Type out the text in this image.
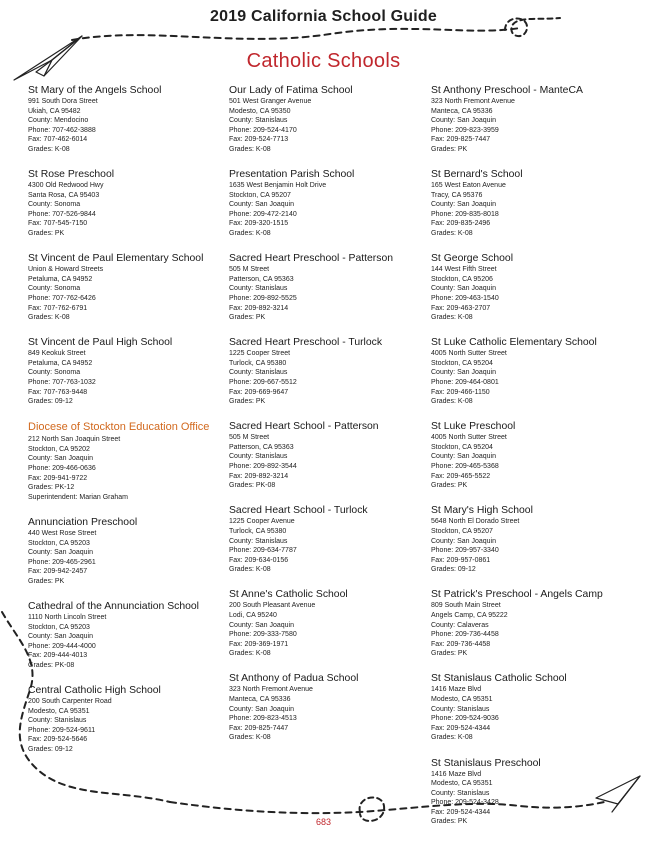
2019 California School Guide
Catholic Schools
St Mary of the Angels School
991 South Dora Street
Ukiah, CA 95482
County: Mendocino
Phone: 707-462-3888
Fax: 707-462-6014
Grades: K-08
St Rose Preschool
4300 Old Redwood Hwy
Santa Rosa, CA 95403
County: Sonoma
Phone: 707-526-9844
Fax: 707-545-7150
Grades: PK
St Vincent de Paul Elementary School
Union & Howard Streets
Petaluma, CA 94952
County: Sonoma
Phone: 707-762-6426
Fax: 707-762-6791
Grades: K-08
St Vincent de Paul High School
849 Keokuk Street
Petaluma, CA 94952
County: Sonoma
Phone: 707-763-1032
Fax: 707-763-9448
Grades: 09-12
Diocese of Stockton Education Office
212 North San Joaquin Street
Stockton, CA 95202
County: San Joaquin
Phone: 209-466-0636
Fax: 209-941-9722
Grades: PK-12
Superintendent: Marian Graham
Annunciation Preschool
440 West Rose Street
Stockton, CA 95203
County: San Joaquin
Phone: 209-465-2961
Fax: 209-942-2457
Grades: PK
Cathedral of the Annunciation School
1110 North Lincoln Street
Stockton, CA 95203
County: San Joaquin
Phone: 209-444-4000
Fax: 209-444-4013
Grades: PK-08
Central Catholic High School
200 South Carpenter Road
Modesto, CA 95351
County: Stanislaus
Phone: 209-524-9611
Fax: 209-524-5646
Grades: 09-12
Our Lady of Fatima School
501 West Granger Avenue
Modesto, CA 95350
County: Stanislaus
Phone: 209-524-4170
Fax: 209-524-7713
Grades: K-08
Presentation Parish School
1635 West Benjamin Holt Drive
Stockton, CA 95207
County: San Joaquin
Phone: 209-472-2140
Fax: 209-320-1515
Grades: K-08
Sacred Heart Preschool - Patterson
505 M Street
Patterson, CA 95363
County: Stanislaus
Phone: 209-892-5525
Fax: 209-892-3214
Grades: PK
Sacred Heart Preschool - Turlock
1225 Cooper Street
Turlock, CA 95380
County: Stanislaus
Phone: 209-667-5512
Fax: 209-669-9647
Grades: PK
Sacred Heart School - Patterson
505 M Street
Patterson, CA 95363
County: Stanislaus
Phone: 209-892-3544
Fax: 209-892-3214
Grades: PK-08
Sacred Heart School - Turlock
1225 Cooper Avenue
Turlock, CA 95380
County: Stanislaus
Phone: 209-634-7787
Fax: 209-634-0156
Grades: K-08
St Anne's Catholic School
200 South Pleasant Avenue
Lodi, CA 95240
County: San Joaquin
Phone: 209-333-7580
Fax: 209-369-1971
Grades: K-08
St Anthony of Padua School
323 North Fremont Avenue
Manteca, CA 95336
County: San Joaquin
Phone: 209-823-4513
Fax: 209-825-7447
Grades: K-08
St Anthony Preschool - MantеCA
323 North Fremont Avenue
Manteca, CA 95336
County: San Joaquin
Phone: 209-823-3959
Fax: 209-825-7447
Grades: PK
St Bernard's School
165 West Eaton Avenue
Tracy, CA 95376
County: San Joaquin
Phone: 209-835-8018
Fax: 209-835-2496
Grades: K-08
St George School
144 West Fifth Street
Stockton, CA 95206
County: San Joaquin
Phone: 209-463-1540
Fax: 209-463-2707
Grades: K-08
St Luke Catholic Elementary School
4005 North Sutter Street
Stockton, CA 95204
County: San Joaquin
Phone: 209-464-0801
Fax: 209-466-1150
Grades: K-08
St Luke Preschool
4005 North Sutter Street
Stockton, CA 95204
County: San Joaquin
Phone: 209-465-5368
Fax: 209-465-5522
Grades: PK
St Mary's High School
5648 North El Dorado Street
Stockton, CA 95207
County: San Joaquin
Phone: 209-957-3340
Fax: 209-957-0861
Grades: 09-12
St Patrick's Preschool - Angels Camp
809 South Main Street
Angels Camp, CA 95222
County: Calaveras
Phone: 209-736-4458
Fax: 209-736-4458
Grades: PK
St Stanislaus Catholic School
1416 Maze Blvd
Modesto, CA 95351
County: Stanislaus
Phone: 209-524-9036
Fax: 209-524-4344
Grades: K-08
St Stanislaus Preschool
1416 Maze Blvd
Modesto, CA 95351
County: Stanislaus
Phone: 209-524-3428
Fax: 209-524-4344
Grades: PK
683
